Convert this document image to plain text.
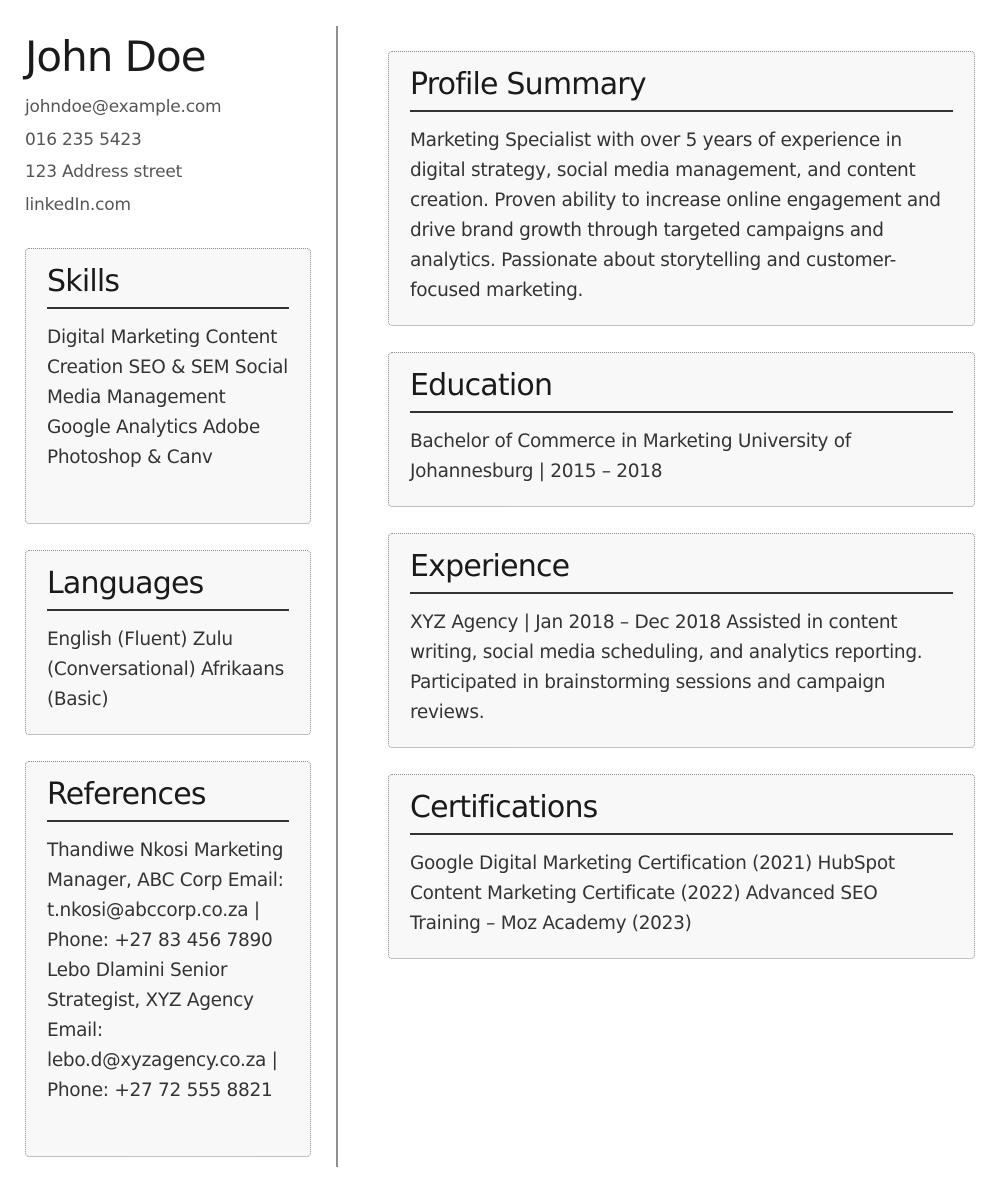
John Doe
johndoe@example.com
016 235 5423
123 Address street
linkedIn.com
Skills
Digital Marketing Content Creation SEO & SEM Social Media Management Google Analytics Adobe Photoshop & Canv
Languages
English (Fluent) Zulu (Conversational) Afrikaans (Basic)
References
Thandiwe Nkosi Marketing Manager, ABC Corp Email: t.nkosi@abccorp.co.za | Phone: +27 83 456 7890 Lebo Dlamini Senior Strategist, XYZ Agency Email: lebo.d@xyzagency.co.za | Phone: +27 72 555 8821
Profile Summary
Marketing Specialist with over 5 years of experience in digital strategy, social media management, and content creation. Proven ability to increase online engagement and drive brand growth through targeted campaigns and analytics. Passionate about storytelling and customer-focused marketing.
Education
Bachelor of Commerce in Marketing University of Johannesburg | 2015 – 2018
Experience
XYZ Agency | Jan 2018 – Dec 2018 Assisted in content writing, social media scheduling, and analytics reporting. Participated in brainstorming sessions and campaign reviews.
Certifications
Google Digital Marketing Certification (2021) HubSpot Content Marketing Certificate (2022) Advanced SEO Training – Moz Academy (2023)
